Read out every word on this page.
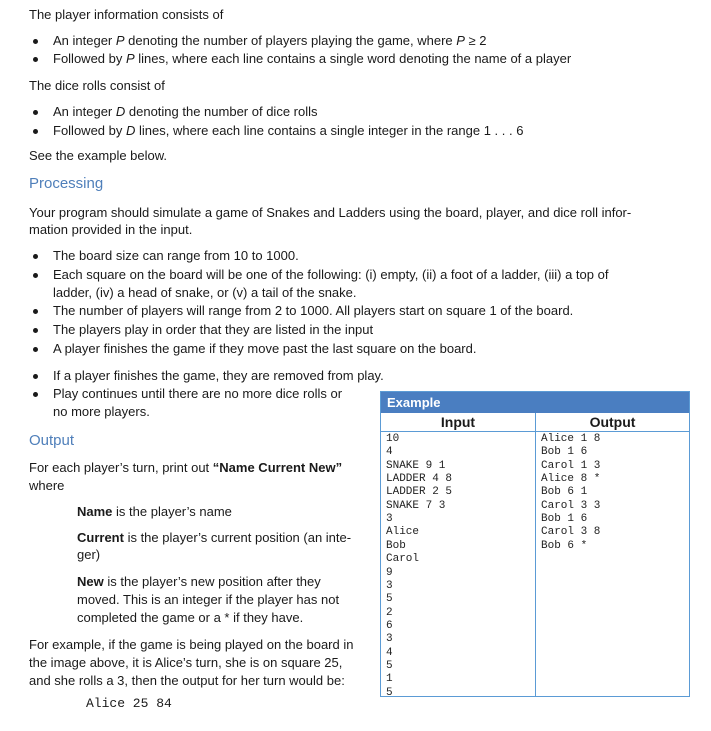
The player information consists of
An integer P denoting the number of players playing the game, where P ≥ 2
Followed by P lines, where each line contains a single word denoting the name of a player
The dice rolls consist of
An integer D denoting the number of dice rolls
Followed by D lines, where each line contains a single integer in the range 1 . . . 6
See the example below.
Processing
Your program should simulate a game of Snakes and Ladders using the board, player, and dice roll infor-
mation provided in the input.
The board size can range from 10 to 1000.
Each square on the board will be one of the following: (i) empty, (ii) a foot of a ladder, (iii) a top of
ladder, (iv) a head of snake, or (v) a tail of the snake.
The number of players will range from 2 to 1000. All players start on square 1 of the board.
The players play in order that they are listed in the input
A player finishes the game if they move past the last square on the board.
If a player finishes the game, they are removed from play.
Play continues until there are no more dice rolls or
no more players.
Output
For each player’s turn, print out “Name Current New”
where
Name is the player’s name
Current is the player’s current position (an inte-
ger)
New is the player’s new position after they
moved. This is an integer if the player has not
completed the game or a * if they have.
For example, if the game is being played on the board in
the image above, it is Alice’s turn, she is on square 25,
and she rolls a 3, then the output for her turn would be:
Alice 25 84
Example
Input	Output
10
4
SNAKE 9 1
LADDER 4 8
LADDER 2 5
SNAKE 7 3
3
Alice
Bob
Carol
9
3
5
2
6
3
4
5
1
5
Alice 1 8
Bob 1 6
Carol 1 3
Alice 8 *
Bob 6 1
Carol 3 3
Bob 1 6
Carol 3 8
Bob 6 *
